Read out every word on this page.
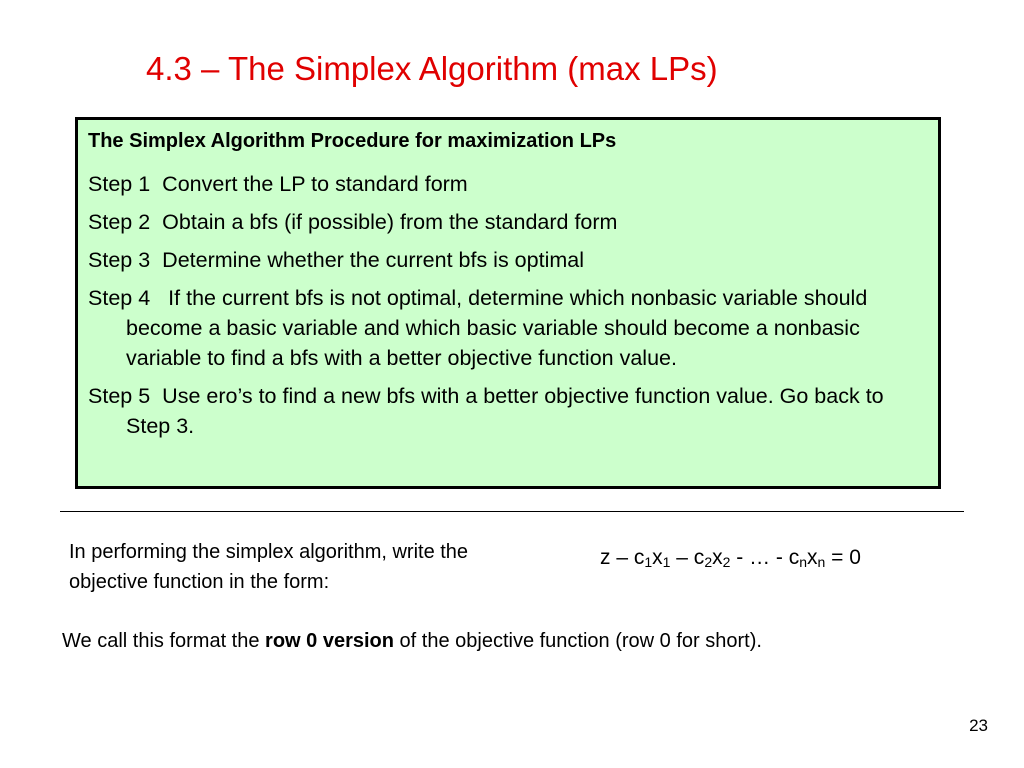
4.3 – The Simplex Algorithm (max LPs)
The Simplex Algorithm Procedure for maximization LPs
Step 1 Convert the LP to standard form
Step 2 Obtain a bfs (if possible) from the standard form
Step 3 Determine whether the current bfs is optimal
Step 4 If the current bfs is not optimal, determine which nonbasic variable should become a basic variable and which basic variable should become a nonbasic variable to find a bfs with a better objective function value.
Step 5 Use ero’s to find a new bfs with a better objective function value. Go back to Step 3.
In performing the simplex algorithm, write the objective function in the form:
z – $c_1x_1 - c_2x_2$ - … - $c_nx_n = 0$
We call this format the row 0 version of the objective function (row 0 for short).
23
